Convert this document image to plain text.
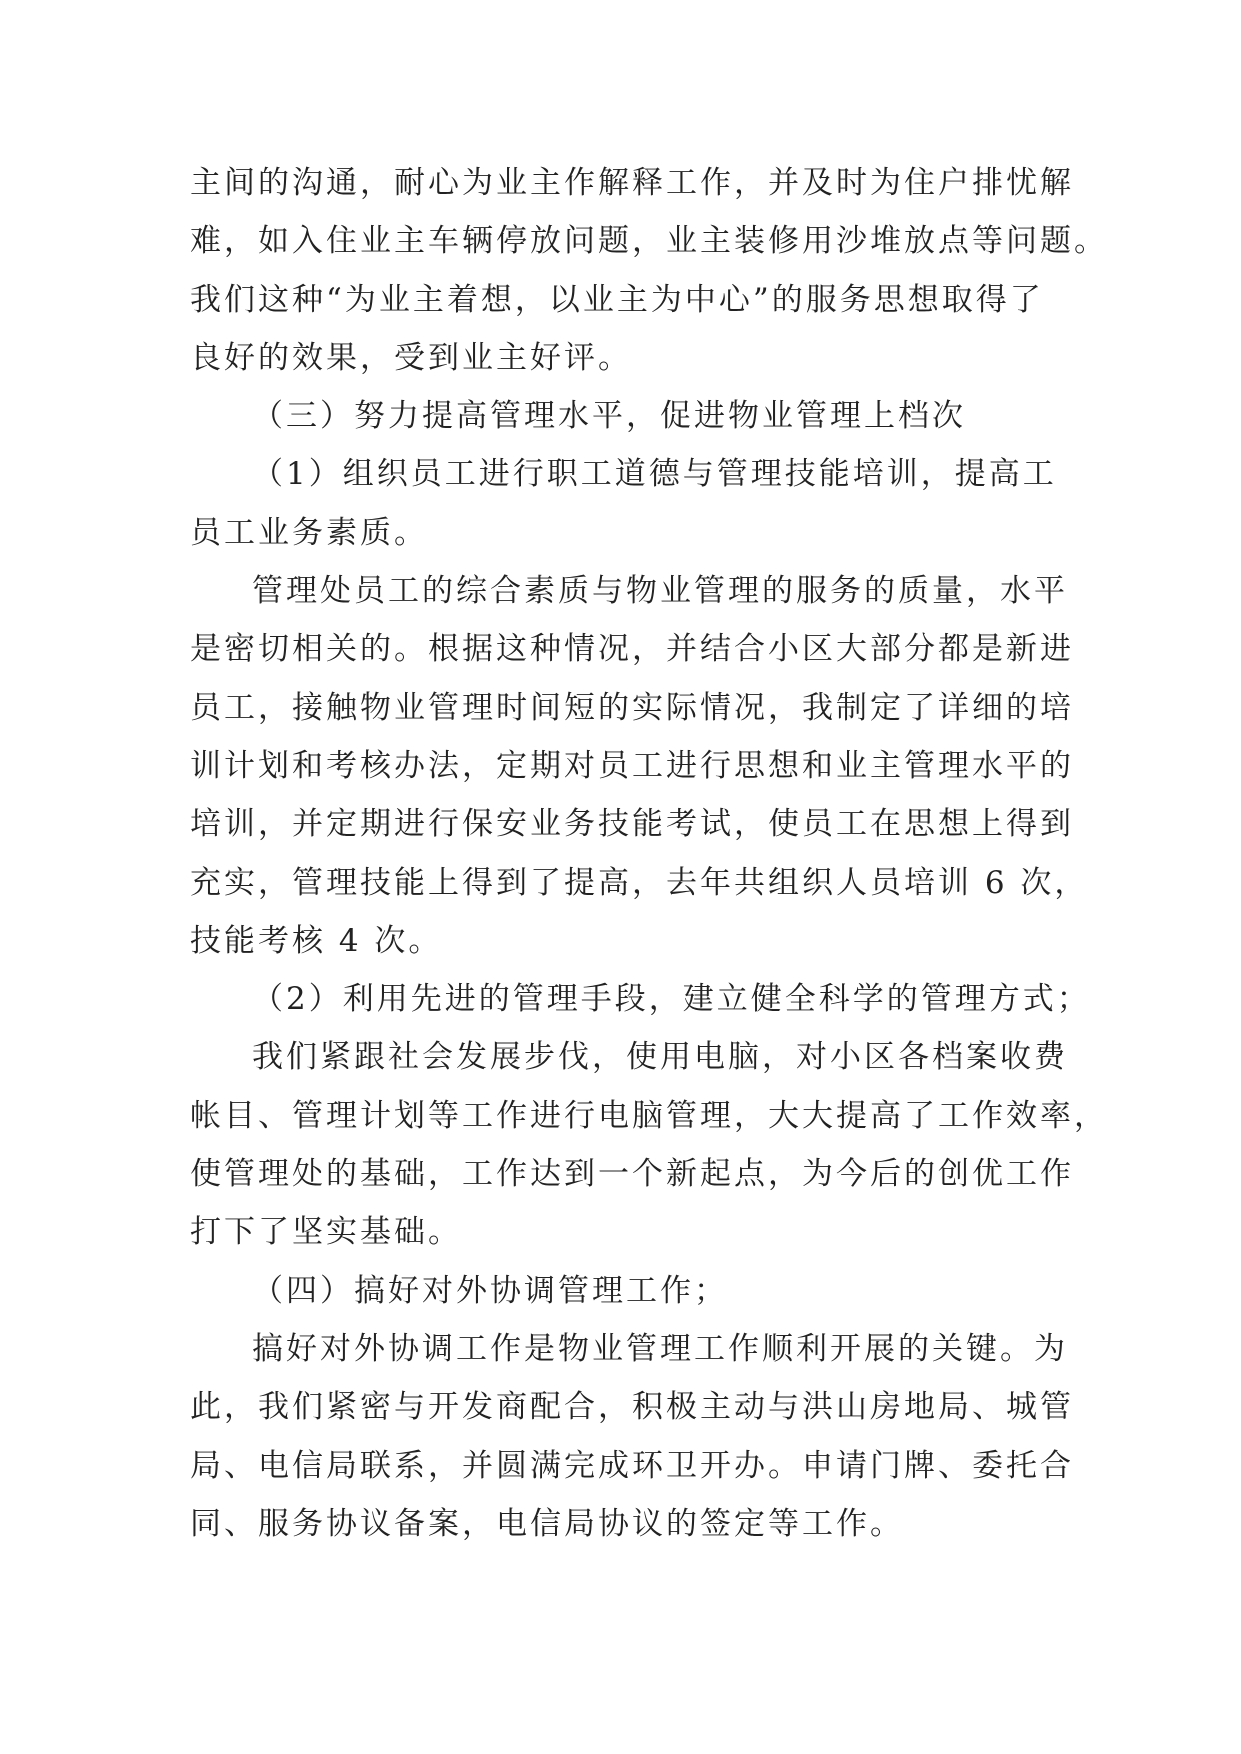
主间的沟通，耐心为业主作解释工作，并及时为住户排忧解
难，如入住业主车辆停放问题，业主装修用沙堆放点等问题。
我们这种“为业主着想，以业主为中心”的服务思想取得了
良好的效果，受到业主好评。

（三）努力提高管理水平，促进物业管理上档次

（1）组织员工进行职工道德与管理技能培训，提高工
员工业务素质。

管理处员工的综合素质与物业管理的服务的质量，水平
是密切相关的。根据这种情况，并结合小区大部分都是新进
员工，接触物业管理时间短的实际情况，我制定了详细的培
训计划和考核办法，定期对员工进行思想和业主管理水平的
培训，并定期进行保安业务技能考试，使员工在思想上得到
充实，管理技能上得到了提高，去年共组织人员培训 6 次，
技能考核 4 次。

（2）利用先进的管理手段，建立健全科学的管理方式；

我们紧跟社会发展步伐，使用电脑，对小区各档案收费
帐目、管理计划等工作进行电脑管理，大大提高了工作效率，
使管理处的基础，工作达到一个新起点，为今后的创优工作
打下了坚实基础。

（四）搞好对外协调管理工作；

搞好对外协调工作是物业管理工作顺利开展的关键。为
此，我们紧密与开发商配合，积极主动与洪山房地局、城管
局、电信局联系，并圆满完成环卫开办。申请门牌、委托合
同、服务协议备案，电信局协议的签定等工作。
